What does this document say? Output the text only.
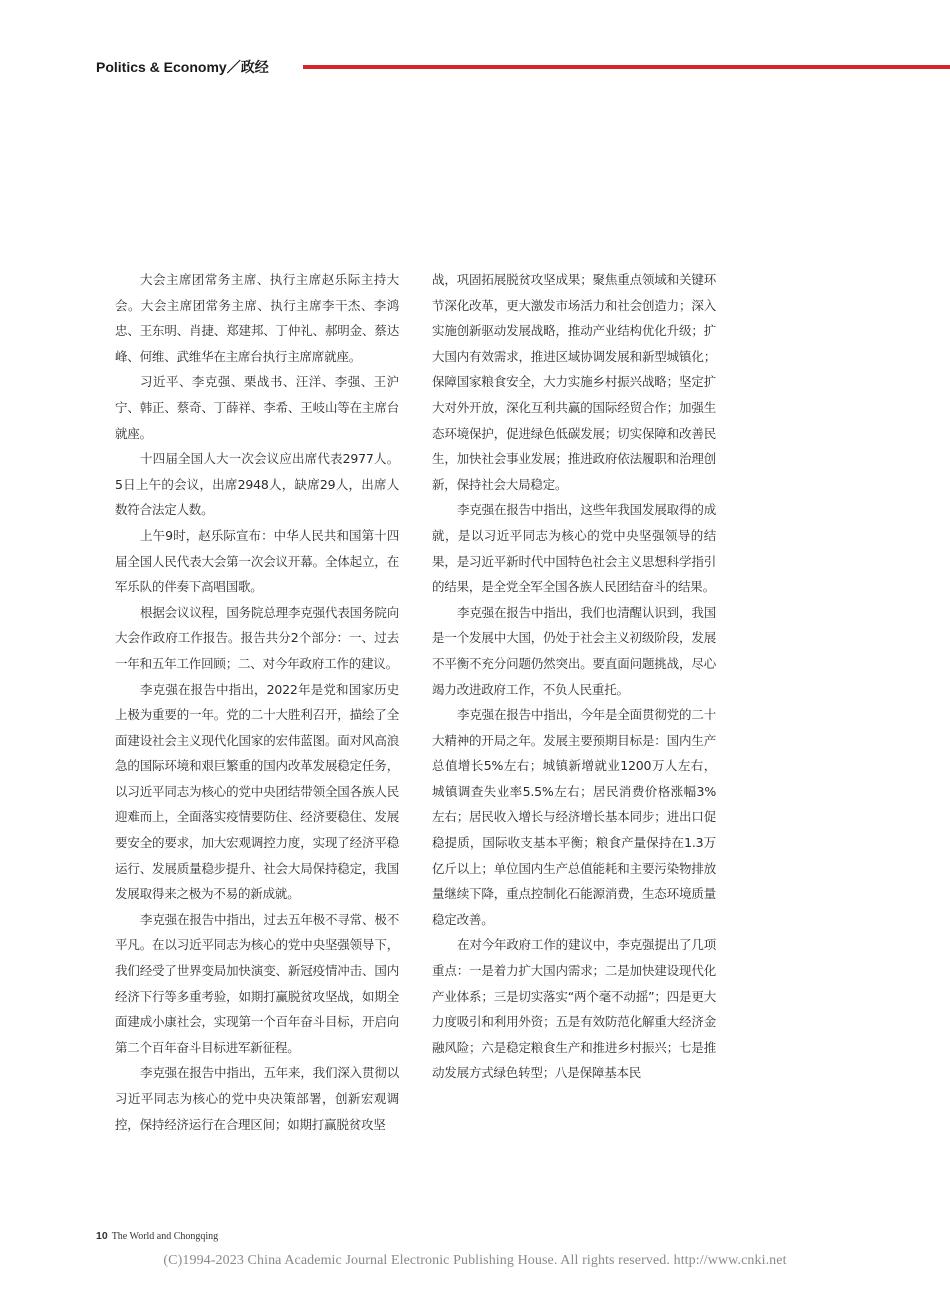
Politics & Economy／政经

大会主席团常务主席、执行主席赵乐际主持大会。大会主席团常务主席、执行主席李干杰、李鸿忠、王东明、肖捷、郑建邦、丁仲礼、郝明金、蔡达峰、何维、武维华在主席台执行主席席就座。

习近平、李克强、栗战书、汪洋、李强、王沪宁、韩正、蔡奇、丁薛祥、李希、王岐山等在主席台就座。

十四届全国人大一次会议应出席代表2977人。5日上午的会议，出席2948人，缺席29人，出席人数符合法定人数。

上午9时，赵乐际宣布：中华人民共和国第十四届全国人民代表大会第一次会议开幕。全体起立，在军乐队的伴奏下高唱国歌。

根据会议议程，国务院总理李克强代表国务院向大会作政府工作报告。报告共分2个部分：一、过去一年和五年工作回顾；二、对今年政府工作的建议。

李克强在报告中指出，2022年是党和国家历史上极为重要的一年。党的二十大胜利召开，描绘了全面建设社会主义现代化国家的宏伟蓝图。面对风高浪急的国际环境和艰巨繁重的国内改革发展稳定任务，以习近平同志为核心的党中央团结带领全国各族人民迎难而上，全面落实疫情要防住、经济要稳住、发展要安全的要求，加大宏观调控力度，实现了经济平稳运行、发展质量稳步提升、社会大局保持稳定，我国发展取得来之极为不易的新成就。

李克强在报告中指出，过去五年极不寻常、极不平凡。在以习近平同志为核心的党中央坚强领导下，我们经受了世界变局加快演变、新冠疫情冲击、国内经济下行等多重考验，如期打赢脱贫攻坚战，如期全面建成小康社会，实现第一个百年奋斗目标，开启向第二个百年奋斗目标进军新征程。

李克强在报告中指出，五年来，我们深入贯彻以习近平同志为核心的党中央决策部署，创新宏观调控，保持经济运行在合理区间；如期打赢脱贫攻坚

战，巩固拓展脱贫攻坚成果；聚焦重点领域和关键环节深化改革，更大激发市场活力和社会创造力；深入实施创新驱动发展战略，推动产业结构优化升级；扩大国内有效需求，推进区域协调发展和新型城镇化；保障国家粮食安全，大力实施乡村振兴战略；坚定扩大对外开放，深化互利共赢的国际经贸合作；加强生态环境保护，促进绿色低碳发展；切实保障和改善民生，加快社会事业发展；推进政府依法履职和治理创新，保持社会大局稳定。

李克强在报告中指出，这些年我国发展取得的成就，是以习近平同志为核心的党中央坚强领导的结果，是习近平新时代中国特色社会主义思想科学指引的结果，是全党全军全国各族人民团结奋斗的结果。

李克强在报告中指出，我们也清醒认识到，我国是一个发展中大国，仍处于社会主义初级阶段，发展不平衡不充分问题仍然突出。要直面问题挑战，尽心竭力改进政府工作，不负人民重托。

李克强在报告中指出，今年是全面贯彻党的二十大精神的开局之年。发展主要预期目标是：国内生产总值增长5%左右；城镇新增就业1200万人左右，城镇调查失业率5.5%左右；居民消费价格涨幅3%左右；居民收入增长与经济增长基本同步；进出口促稳提质，国际收支基本平衡；粮食产量保持在1.3万亿斤以上；单位国内生产总值能耗和主要污染物排放量继续下降，重点控制化石能源消费，生态环境质量稳定改善。

在对今年政府工作的建议中，李克强提出了几项重点：一是着力扩大国内需求；二是加快建设现代化产业体系；三是切实落实“两个毫不动摇”；四是更大力度吸引和利用外资；五是有效防范化解重大经济金融风险；六是稳定粮食生产和推进乡村振兴；七是推动发展方式绿色转型；八是保障基本民

10 The World and Chongqing
(C)1994-2023 China Academic Journal Electronic Publishing House. All rights reserved. http://www.cnki.net
